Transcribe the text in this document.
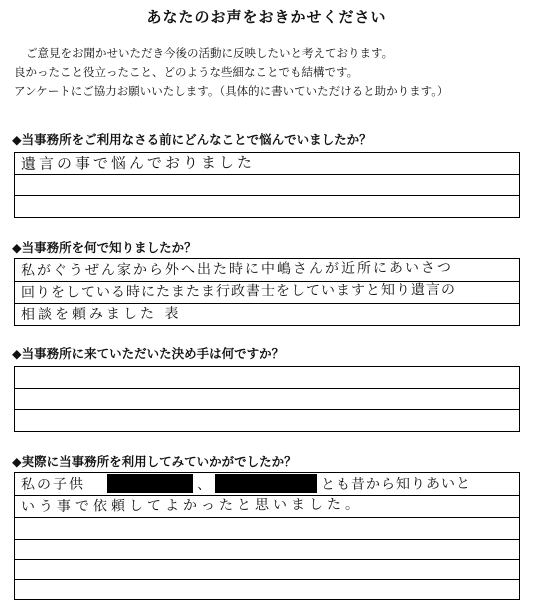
あなたのお声をおきかせください
ご意見をお聞かせいただき今後の活動に反映したいと考えております。
良かったこと役立ったこと、どのような些細なことでも結構です。
アンケートにご協力お願いいたします。（具体的に書いていただけると助かります。）
◆当事務所をご利用なさる前にどんなことで悩んでいましたか？
遺言の事で悩んでおりました
◆当事務所を何で知りましたか？
私がぐうぜん家から外へ出た時に中嶋さんが近所にあいさつ
回りをしている時にたまたま行政書士をしていますと知り遺言の
相談を頼みました 表
◆当事務所に来ていただいた決め手は何ですか？
◆実際に当事務所を利用してみていかがでしたか？
私の子供	、	とも昔から知りあいと
いう事で依頼してよかったと思いました。
